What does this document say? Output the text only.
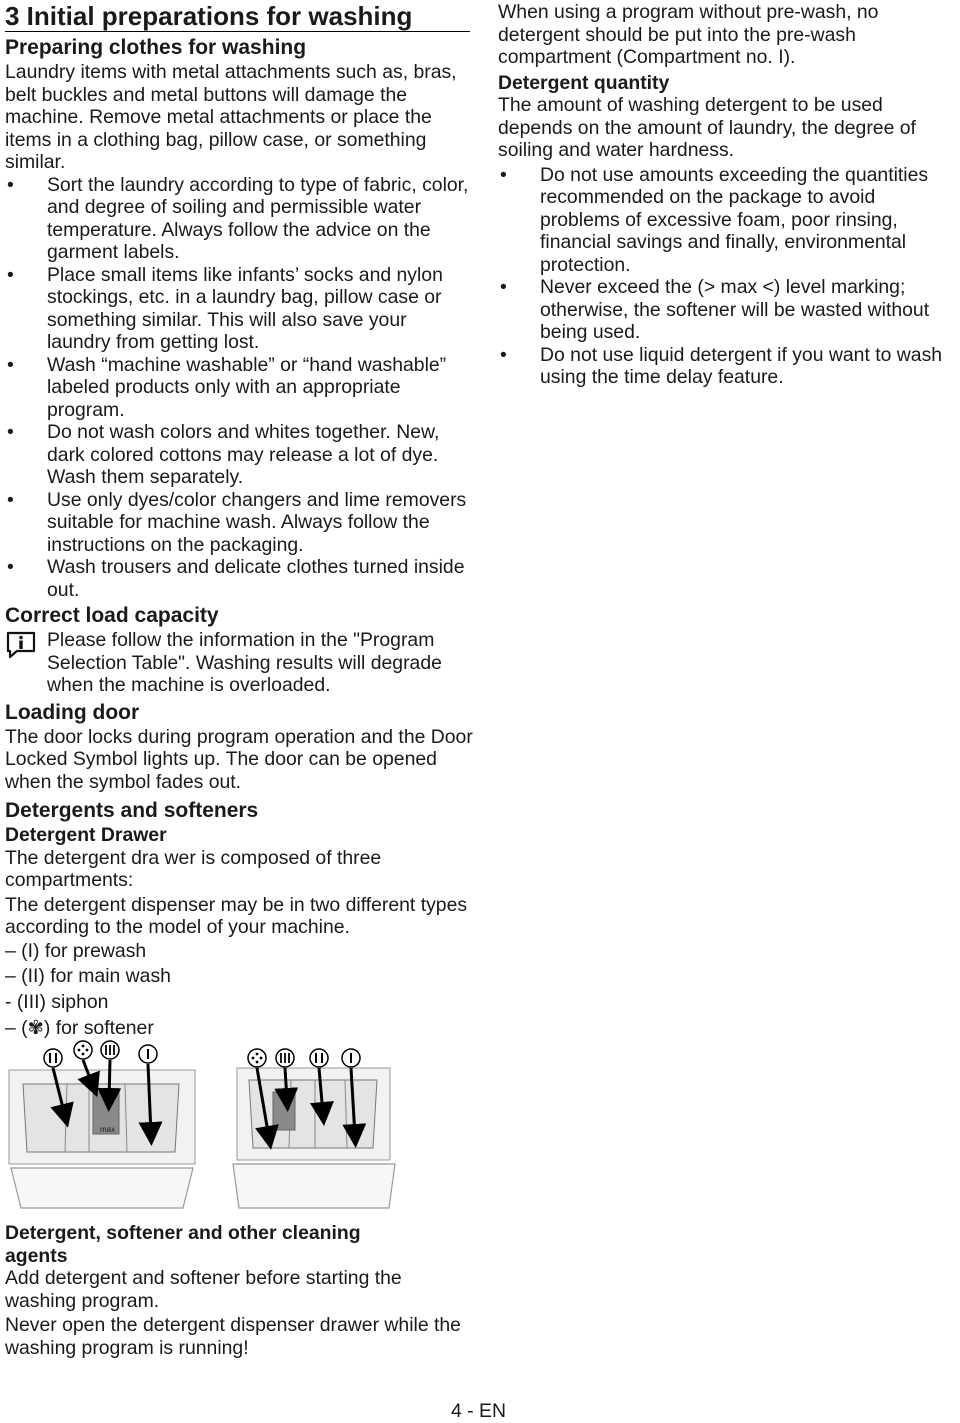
3 Initial preparations for washing
Preparing clothes for washing

Laundry items with metal attachments such as, bras, belt buckles and metal buttons will damage the machine. Remove metal attachments or place the items in a clothing bag, pillow case, or something similar.

• Sort the laundry according to type of fabric, color, and degree of soiling and permissible water temperature. Always follow the advice on the garment labels.
• Place small items like infants’ socks and nylon stockings, etc. in a laundry bag, pillow case or something similar. This will also save your laundry from getting lost.
• Wash “machine washable” or “hand washable” labeled products only with an appropriate program.
• Do not wash colors and whites together. New, dark colored cottons may release a lot of dye. Wash them separately.
• Use only dyes/color changers and lime removers suitable for machine wash. Always follow the instructions on the packaging.
• Wash trousers and delicate clothes turned inside out.
Correct load capacity

Please follow the information in the "Program Selection Table". Washing results will degrade when the machine is overloaded.

Loading door

The door locks during program operation and the Door Locked Symbol lights up. The door can be opened when the symbol fades out.

Detergents and softeners
Detergent Drawer

The detergent dra wer is composed of three compartments:

The detergent dispenser may be in two different types according to the model of your machine.

– (I) for prewash

– (II) for main wash

- (III) siphon

– (✾) for softener

max
Detergent, softener and other cleaning agents

Add detergent and softener before starting the washing program.

Never open the detergent dispenser drawer while the washing program is running!

When using a program without pre-wash, no detergent should be put into the pre-wash compartment (Compartment no. I).

Detergent quantity

The amount of washing detergent to be used depends on the amount of laundry, the degree of soiling and water hardness.

• Do not use amounts exceeding the quantities recommended on the package to avoid problems of excessive foam, poor rinsing, financial savings and finally, environmental protection.
• Never exceed the (> max <) level marking; otherwise, the softener will be wasted without being used.
• Do not use liquid detergent if you want to wash using the time delay feature.
4 - EN
